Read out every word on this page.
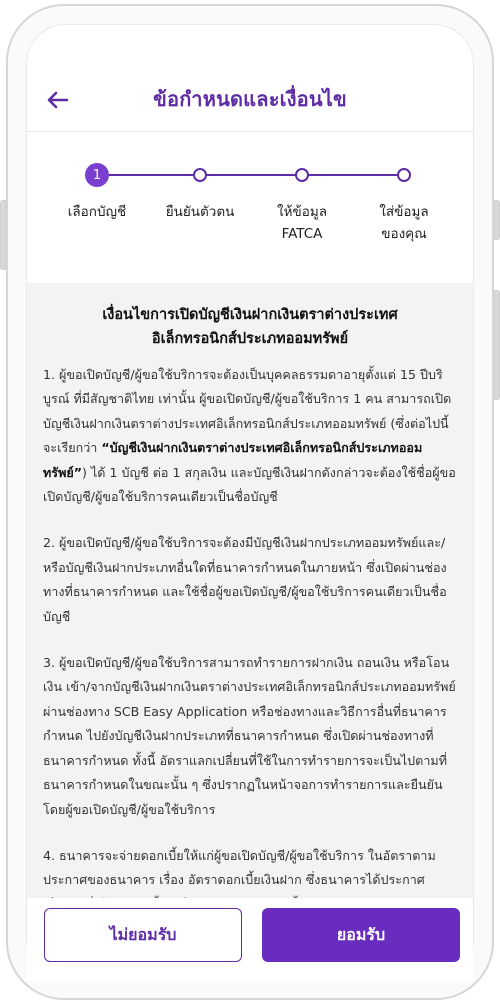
ข้อกำหนดและเงื่อนไข
1
เลือกบัญชี	ยืนยันตัวตน	ให้ข้อมูล
FATCA
ใส่ข้อมูล
ของคุณ
เงื่อนไขการเปิดบัญชีเงินฝากเงินตราต่างประเทศ
อิเล็กทรอนิกส์ประเภทออมทรัพย์

1. ผู้ขอเปิดบัญชี/ผู้ขอใช้บริการจะต้องเป็นบุคคลธรรมดาอายุตั้งแต่ 15 ปีบริบูรณ์ ที่มีสัญชาติไทย เท่านั้น ผู้ขอเปิดบัญชี/ผู้ขอใช้บริการ 1 คน สามารถเปิดบัญชีเงินฝากเงินตราต่างประเทศอิเล็กทรอนิกส์ประเภทออมทรัพย์ (ซึ่งต่อไปนี้จะเรียกว่า “บัญชีเงินฝากเงินตราต่างประเทศอิเล็กทรอนิกส์ประเภทออมทรัพย์”) ได้ 1 บัญชี ต่อ 1 สกุลเงิน และบัญชีเงินฝากดังกล่าวจะต้องใช้ชื่อผู้ขอเปิดบัญชี/ผู้ขอใช้บริการคนเดียวเป็นชื่อบัญชี

2. ผู้ขอเปิดบัญชี/ผู้ขอใช้บริการจะต้องมีบัญชีเงินฝากประเภทออมทรัพย์และ/หรือบัญชีเงินฝากประเภทอื่นใดที่ธนาคารกำหนดในภายหน้า ซึ่งเปิดผ่านช่องทางที่ธนาคารกำหนด และใช้ชื่อผู้ขอเปิดบัญชี/ผู้ขอใช้บริการคนเดียวเป็นชื่อบัญชี

3. ผู้ขอเปิดบัญชี/ผู้ขอใช้บริการสามารถทำรายการฝากเงิน ถอนเงิน หรือโอนเงิน เข้า/จากบัญชีเงินฝากเงินตราต่างประเทศอิเล็กทรอนิกส์ประเภทออมทรัพย์ ผ่านช่องทาง SCB Easy Application หรือช่องทางและวิธีการอื่นที่ธนาคารกำหนด ไปยังบัญชีเงินฝากประเภทที่ธนาคารกำหนด ซึ่งเปิดผ่านช่องทางที่ธนาคารกำหนด ทั้งนี้ อัตราแลกเปลี่ยนที่ใช้ในการทำรายการจะเป็นไปตามที่ธนาคารกำหนดในขณะนั้น ๆ ซึ่งปรากฏในหน้าจอการทำรายการและยืนยันโดยผู้ขอเปิดบัญชี/ผู้ขอใช้บริการ

4. ธนาคารจะจ่ายดอกเบี้ยให้แก่ผู้ขอเปิดบัญชี/ผู้ขอใช้บริการ ในอัตราตามประกาศของธนาคาร เรื่อง อัตราดอกเบี้ยเงินฝาก ซึ่งธนาคารได้ประกาศ

ไม่ยอมรับ	ยอมรับ
